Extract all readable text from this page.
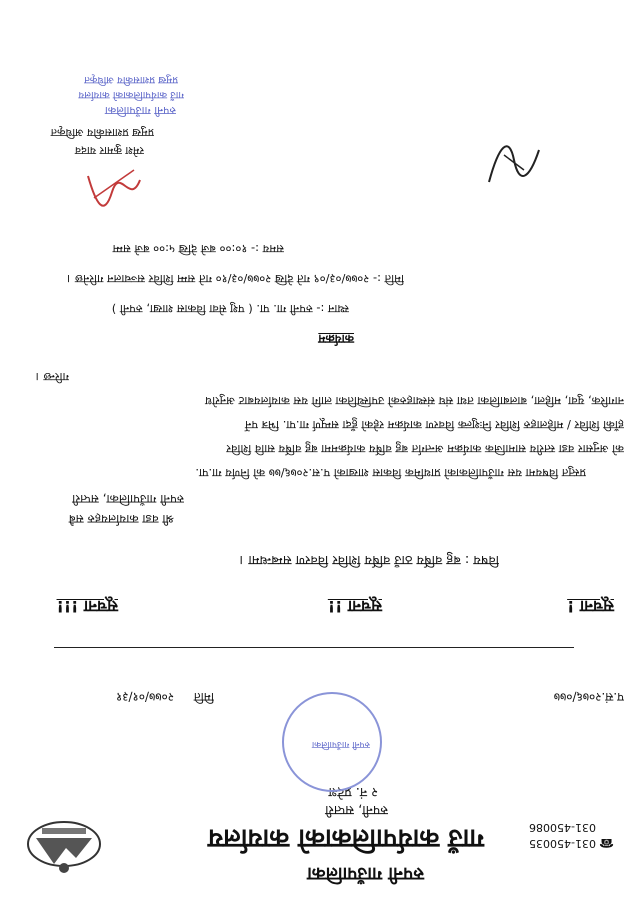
रुपनी गाउँपालिका
गाउँ कार्यपालिकाको कार्यालय
रुपनी, सप्तरी
२ नं. प्रदेश
☎
031-450035
031-450086
रुपनी गाउँपालिका
प.सं.२०७६/०७७
मिति
२०७७/०१/३१
सूचना !
सूचना !!
सूचना !!!
विषय : बहु वर्षिय ठाउँ वर्षिय शिविर विवरण सम्बन्धमा ।
श्री वडा कार्यालयहरु सबै
रुपनी गाउँपालिका, सप्तरी
प्रस्तुत विषयमा यस गाउँपालिकाको प्राथमिक विकास शाखाको प.स.२०७६/७७ को निर्णय गा.पा.
को अनुसार वडा स्तरीय सामाजिक कार्यक्रम अन्तर्गत बहु वर्षिय कार्यक्रममा बहु वर्षिय सावि शिविर
हाँकी शिविर / महिलाहरु शिविर निःशुल्क विवरण कार्यक्रम रहेको हुँदा सम्पूर्ण गा.पा. भित्र पर्ने
नागरिक, युवा, महिला, बालबालिका तथा संघ संस्थाहरुको उपस्थितिका लागि यस कार्यालयबाट अनुरोध
गरिन्छ ।
कार्यक्रम
स्थान :- रुपनी गा. पा. ( पशु सेवा विकास शाखा, रुपनी )
मिति :- २०७७/०३/०९ गते देखि २०७७/०३/१० गते सम्म शिविर सञ्चालन गरिनेछ ।
समय :- १०:०० बजे देखि ५:०० बजे सम्म
रमेश कुमार यादव
प्रमुख प्रशासकीय अधिकृत
रुपनी गाउँपालिका
गाउँ कार्यपालिकाको कार्यालय
प्रमुख प्रशासकीय अधिकृत
